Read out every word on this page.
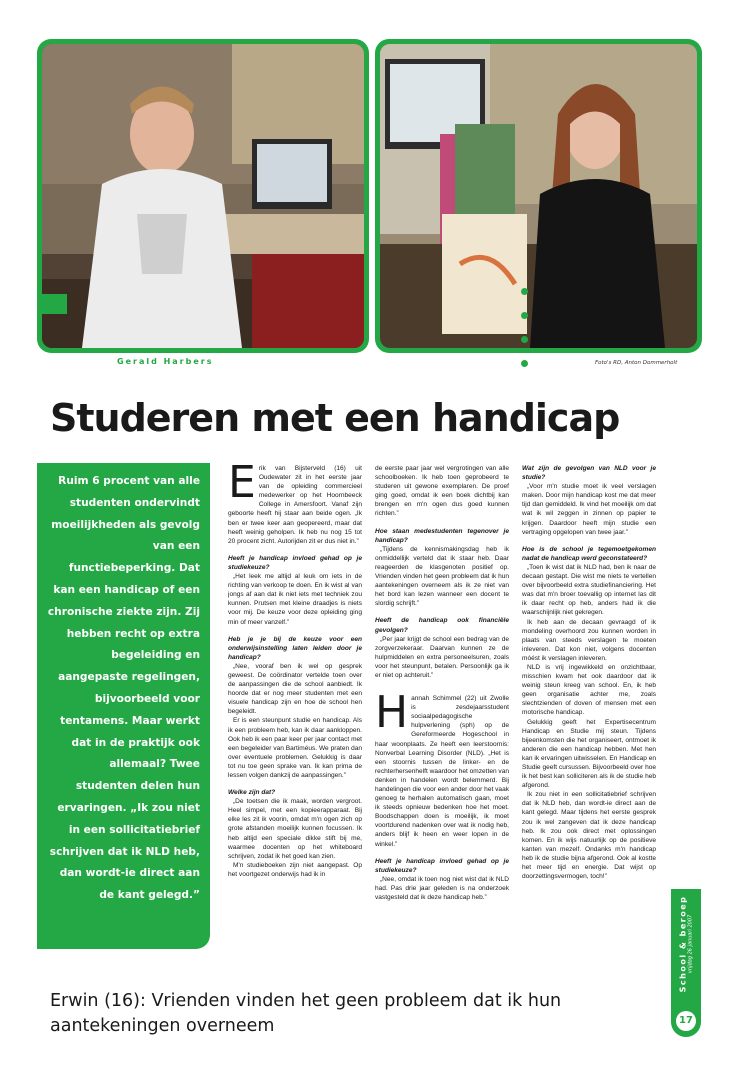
Gerald Harbers	Foto's RD, Anton Dommerholt
Studeren met een handicap

Ruim 6 procent van alle studenten ondervindt moeilijkheden als gevolg van een functiebeperking. Dat kan een handicap of een chronische ziekte zijn. Zij hebben recht op extra begeleiding en aangepaste regelingen, bijvoorbeeld voor tentamens. Maar werkt dat in de praktijk ook allemaal? Twee studenten delen hun ervaringen. „Ik zou niet in een sollicitatiebrief schrijven dat ik NLD heb, dan wordt-ie direct aan de kant gelegd.”

E rik van Bijsterveld (16) uit Oudewater zit in het eerste jaar van de opleiding commercieel medewerker op het Hoornbeeck College in Amersfoort. Vanaf zijn geboorte heeft hij staar aan beide ogen. „Ik ben er twee keer aan geopereerd, maar dat heeft weinig geholpen. Ik heb nu nog 15 tot 20 procent zicht. Autorijden zit er dus niet in.”

Heeft je handicap invloed gehad op je studiekeuze?

„Het leek me altijd al leuk om iets in de richting van verkoop te doen. En ik wist al van jongs af aan dat ik niet iets met techniek zou kunnen. Prutsen met kleine draadjes is niets voor mij. De keuze voor deze opleiding ging min of meer vanzelf.”

Heb je je bij de keuze voor een onderwijsinstelling laten leiden door je handicap?

„Nee, vooraf ben ik wel op gesprek geweest. De coördinator vertelde toen over de aanpassingen die de school aanbiedt. Ik hoorde dat er nog meer studenten met een visuele handicap zijn en hoe de school hen begeleidt.

Er is een steunpunt studie en handicap. Als ik een probleem heb, kan ik daar aankloppen. Ook heb ik een paar keer per jaar contact met een begeleider van Bartiméus. We praten dan over eventuele problemen. Gelukkig is daar tot nu toe geen sprake van. Ik kan prima de lessen volgen dankzij de aanpassingen.”

Welke zijn dat?

„De toetsen die ik maak, worden vergroot. Heel simpel, met een kopieerapparaat. Bij elke les zit ik voorin, omdat m'n ogen zich op grote afstanden moeilijk kunnen focussen. Ik heb altijd een speciale dikke stift bij me, waarmee docenten op het whiteboard schrijven, zodat ik het goed kan zien.

M'n studieboeken zijn niet aangepast. Op het voortgezet onderwijs had ik in

de eerste paar jaar wel vergrotingen van alle schoolboeken. Ik heb toen geprobeerd te studeren uit gewone exemplaren. De proef ging goed, omdat ik een boek dichtbij kan brengen en m'n ogen dus goed kunnen richten.”

Hoe staan medestudenten tegenover je handicap?

„Tijdens de kennismakingsdag heb ik onmiddellijk verteld dat ik staar heb. Daar reageerden de klasgenoten positief op. Vrienden vinden het geen probleem dat ik hun aantekeningen overneem als ik ze niet van het bord kan lezen wanneer een docent te slordig schrijft.”

Heeft de handicap ook financiële gevolgen?

„Per jaar krijgt de school een bedrag van de zorgverzekeraar. Daarvan kunnen ze de hulpmiddelen en extra personeelsuren, zoals voor het steunpunt, betalen. Persoonlijk ga ik er niet op achteruit.”

H annah Schimmel (22) uit Zwolle is zesdejaarsstudent sociaalpedagogische hulpverlening (sph) op de Gereformeerde Hogeschool in haar woonplaats. Ze heeft een leerstoornis: Nonverbal Learning Disorder (NLD). „Het is een stoornis tussen de linker- en de rechterhersenhelft waardoor het omzetten van denken in handelen wordt belemmerd. Bij handelingen die voor een ander door het vaak genoeg te herhalen automatisch gaan, moet ik steeds opnieuw bedenken hoe het moet. Boodschappen doen is moeilijk, ik moet voortdurend nadenken over wat ik nodig heb, anders blijf ik heen en weer lopen in de winkel.”

Heeft je handicap invloed gehad op je studiekeuze?

„Nee, omdat ik toen nog niet wist dat ik NLD had. Pas drie jaar geleden is na onderzoek vastgesteld dat ik deze handicap heb.”

Wat zijn de gevolgen van NLD voor je studie?

„Voor m'n studie moet ik veel verslagen maken. Door mijn handicap kost me dat meer tijd dan gemiddeld. Ik vind het moeilijk om dat wat ik wil zeggen in zinnen op papier te krijgen. Daardoor heeft mijn studie een vertraging opgelopen van twee jaar.”

Hoe is de school je tegemoetgekomen nadat de handicap werd geconstateerd?

„Toen ik wist dat ik NLD had, ben ik naar de decaan gestapt. Die wist me niets te vertellen over bijvoorbeeld extra studiefinanciering. Het was dat m'n broer toevallig op internet las dit ik daar recht op heb, anders had ik die waarschijnlijk niet gekregen.

Ik heb aan de decaan gevraagd of ik mondeling overhoord zou kunnen worden in plaats van steeds verslagen te moeten inleveren. Dat kon niet, volgens docenten móést ik verslagen inleveren.

NLD is vrij ingewikkeld en onzichtbaar, misschien kwam het ook daardoor dat ik weinig steun kreeg van school. En, ik heb geen organisatie achter me, zoals slechtzienden of doven of mensen met een motorische handicap.

Gelukkig geeft het Expertisecentrum Handicap en Studie mij steun. Tijdens bijeenkomsten die het organiseert, ontmoet ik anderen die een handicap hebben. Met hen kan ik ervaringen uitwisselen. En Handicap en Studie geeft cursussen. Bijvoorbeeld over hoe ik het best kan solliciteren als ik de studie heb afgerond.

Ik zou niet in een sollicitatiebrief schrijven dat ik NLD heb, dan wordt-ie direct aan de kant gelegd. Maar tijdens het eerste gesprek zou ik wel zangeven dat ik deze handicap heb. Ik zou ook direct met oplossingen komen. En ik wijs natuurlijk op de positieve kanten van mezelf. Ondanks m'n handicap heb ik de studie bijna afgerond. Ook al kostte het meer tijd en energie. Dat wijst op doorzettingsvermogen, toch!”

Erwin (16): Vrienden vinden het geen probleem dat ik hun aantekeningen overneem

School & beroep vrijdag 26 januari 2007
17
